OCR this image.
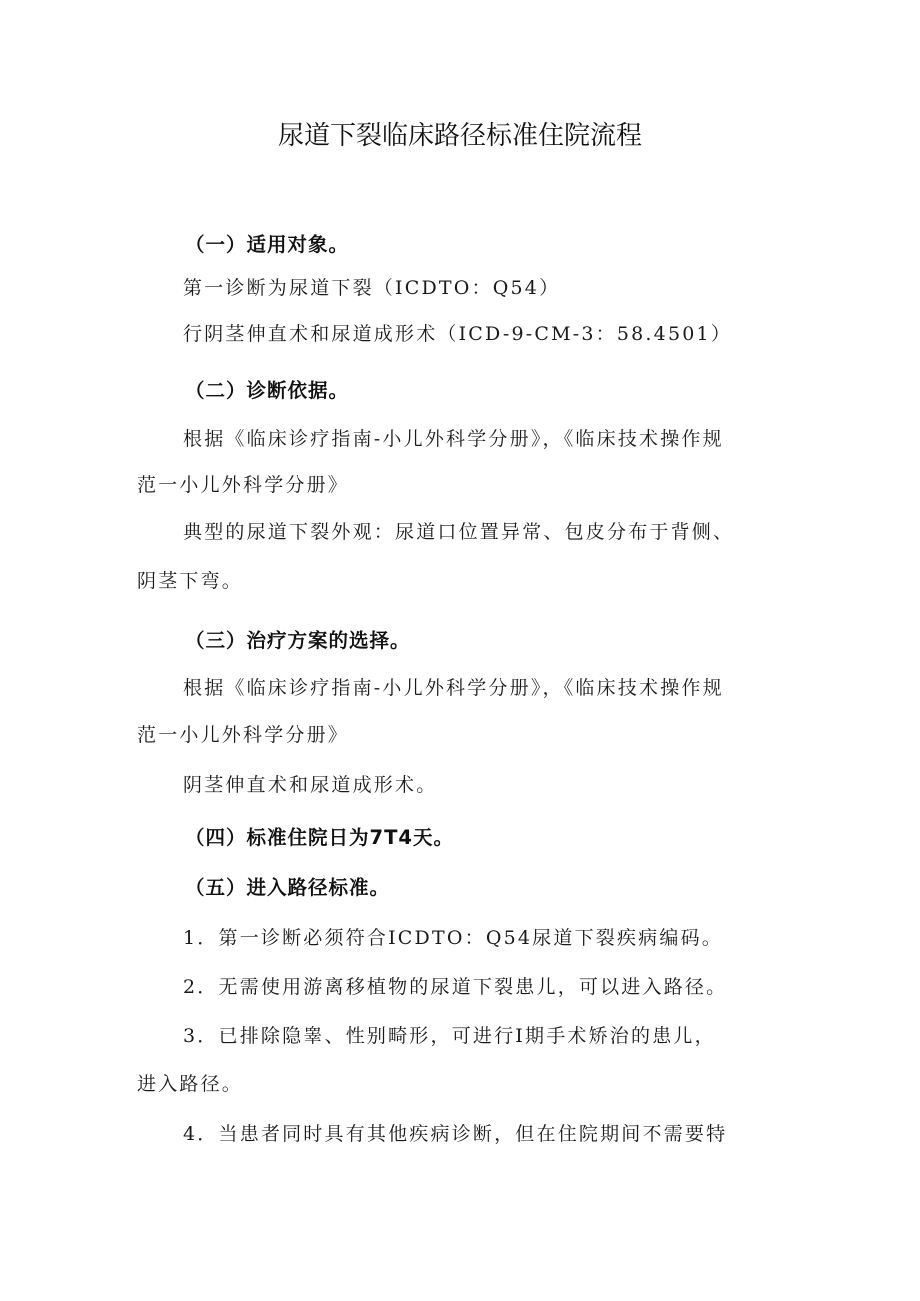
尿道下裂临床路径标准住院流程
（一）适用对象。
第一诊断为尿道下裂（ICDTO：Q54）
行阴茎伸直术和尿道成形术（ICD-9-CM-3：58.4501）
（二）诊断依据。
根据《临床诊疗指南-小儿外科学分册》，《临床技术操作规
范一小儿外科学分册》
典型的尿道下裂外观：尿道口位置异常、包皮分布于背侧、
阴茎下弯。
（三）治疗方案的选择。
根据《临床诊疗指南-小儿外科学分册》，《临床技术操作规
范一小儿外科学分册》
阴茎伸直术和尿道成形术。
（四）标准住院日为7T4天。
（五）进入路径标准。
1．第一诊断必须符合ICDTO：Q54尿道下裂疾病编码。
2．无需使用游离移植物的尿道下裂患儿，可以进入路径。
3．已排除隐睾、性别畸形，可进行I期手术矫治的患儿，
进入路径。
4．当患者同时具有其他疾病诊断，但在住院期间不需要特
